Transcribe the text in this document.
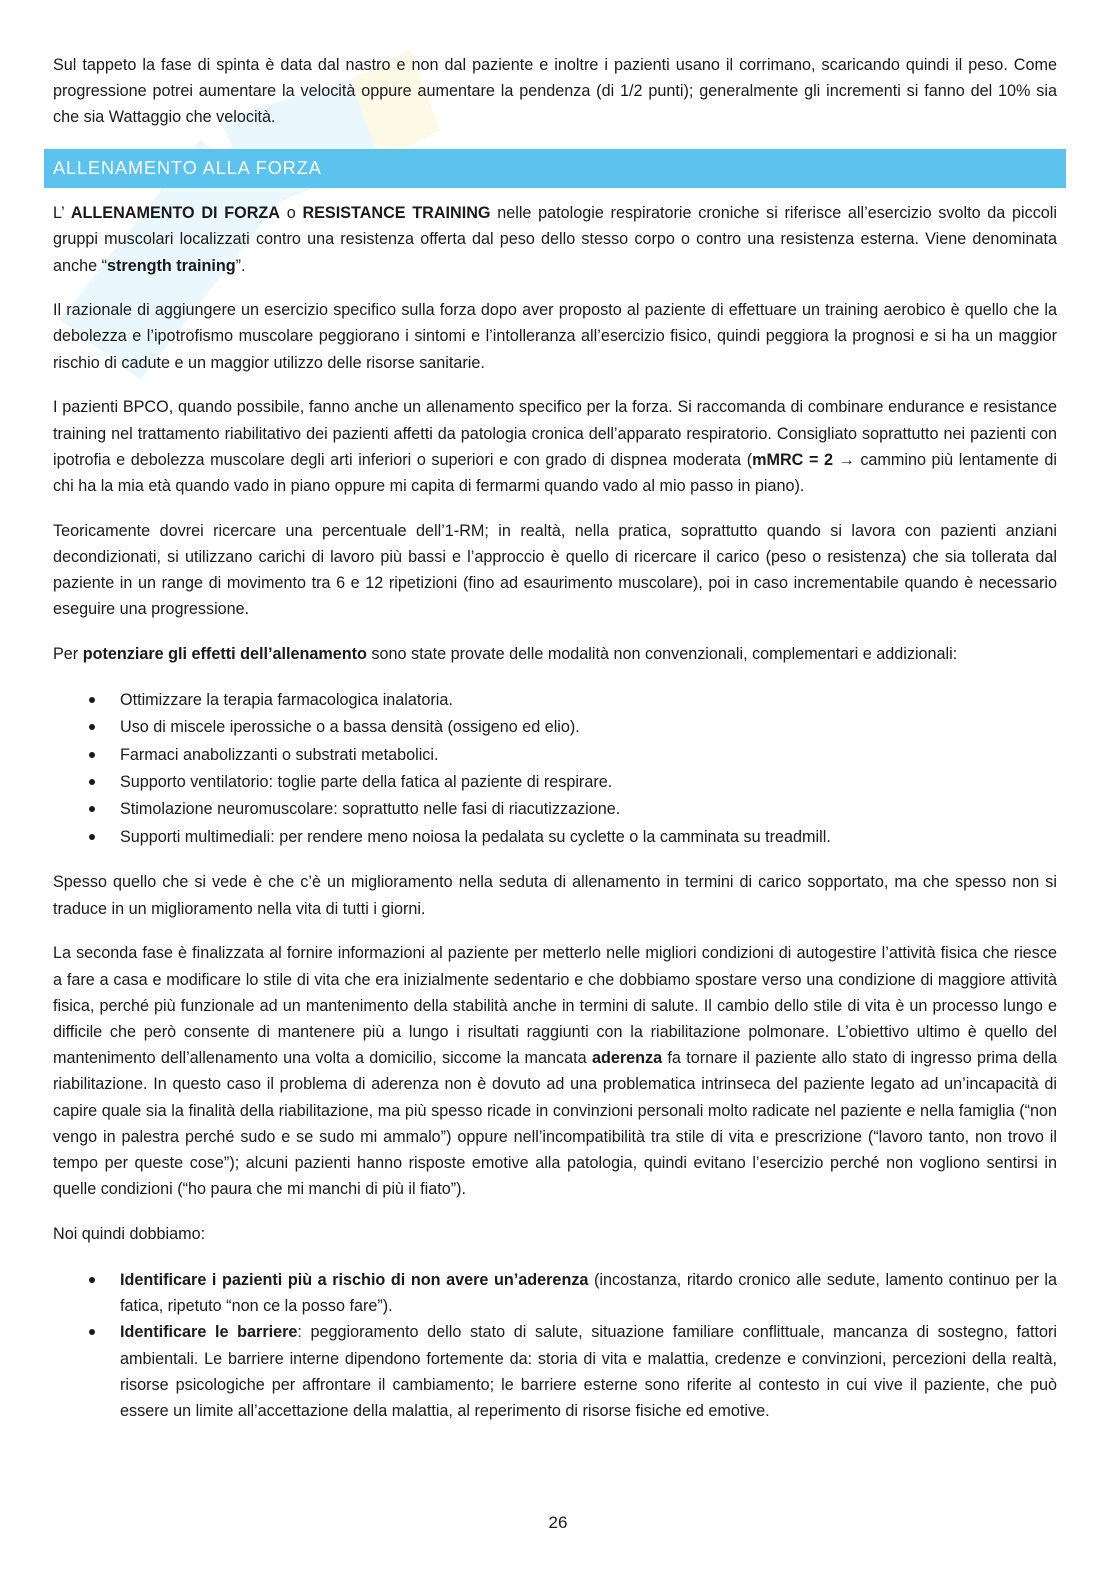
Sul tappeto la fase di spinta è data dal nastro e non dal paziente e inoltre i pazienti usano il corrimano, scaricando quindi il peso. Come progressione potrei aumentare la velocità oppure aumentare la pendenza (di 1/2 punti); generalmente gli incrementi si fanno del 10% sia che sia Wattaggio che velocità.

ALLENAMENTO ALLA FORZA

L’ ALLENAMENTO DI FORZA o RESISTANCE TRAINING nelle patologie respiratorie croniche si riferisce all’esercizio svolto da piccoli gruppi muscolari localizzati contro una resistenza offerta dal peso dello stesso corpo o contro una resistenza esterna. Viene denominata anche “strength training”.

Il razionale di aggiungere un esercizio specifico sulla forza dopo aver proposto al paziente di effettuare un training aerobico è quello che la debolezza e l’ipotrofismo muscolare peggiorano i sintomi e l’intolleranza all’esercizio fisico, quindi peggiora la prognosi e si ha un maggior rischio di cadute e un maggior utilizzo delle risorse sanitarie.

I pazienti BPCO, quando possibile, fanno anche un allenamento specifico per la forza. Si raccomanda di combinare endurance e resistance training nel trattamento riabilitativo dei pazienti affetti da patologia cronica dell’apparato respiratorio. Consigliato soprattutto nei pazienti con ipotrofia e debolezza muscolare degli arti inferiori o superiori e con grado di dispnea moderata (mMRC = 2 → cammino più lentamente di chi ha la mia età quando vado in piano oppure mi capita di fermarmi quando vado al mio passo in piano).

Teoricamente dovrei ricercare una percentuale dell’1-RM; in realtà, nella pratica, soprattutto quando si lavora con pazienti anziani decondizionati, si utilizzano carichi di lavoro più bassi e l’approccio è quello di ricercare il carico (peso o resistenza) che sia tollerata dal paziente in un range di movimento tra 6 e 12 ripetizioni (fino ad esaurimento muscolare), poi in caso incrementabile quando è necessario eseguire una progressione.

Per potenziare gli effetti dell’allenamento sono state provate delle modalità non convenzionali, complementari e addizionali:

Ottimizzare la terapia farmacologica inalatoria.
Uso di miscele iperossiche o a bassa densità (ossigeno ed elio).
Farmaci anabolizzanti o substrati metabolici.
Supporto ventilatorio: toglie parte della fatica al paziente di respirare.
Stimolazione neuromuscolare: soprattutto nelle fasi di riacutizzazione.
Supporti multimediali: per rendere meno noiosa la pedalata su cyclette o la camminata su treadmill.

Spesso quello che si vede è che c’è un miglioramento nella seduta di allenamento in termini di carico sopportato, ma che spesso non si traduce in un miglioramento nella vita di tutti i giorni.

La seconda fase è finalizzata al fornire informazioni al paziente per metterlo nelle migliori condizioni di autogestire l’attività fisica che riesce a fare a casa e modificare lo stile di vita che era inizialmente sedentario e che dobbiamo spostare verso una condizione di maggiore attività fisica, perché più funzionale ad un mantenimento della stabilità anche in termini di salute. Il cambio dello stile di vita è un processo lungo e difficile che però consente di mantenere più a lungo i risultati raggiunti con la riabilitazione polmonare. L’obiettivo ultimo è quello del mantenimento dell’allenamento una volta a domicilio, siccome la mancata aderenza fa tornare il paziente allo stato di ingresso prima della riabilitazione. In questo caso il problema di aderenza non è dovuto ad una problematica intrinseca del paziente legato ad un’incapacità di capire quale sia la finalità della riabilitazione, ma più spesso ricade in convinzioni personali molto radicate nel paziente e nella famiglia (“non vengo in palestra perché sudo e se sudo mi ammalo”) oppure nell’incompatibilità tra stile di vita e prescrizione (“lavoro tanto, non trovo il tempo per queste cose”); alcuni pazienti hanno risposte emotive alla patologia, quindi evitano l’esercizio perché non vogliono sentirsi in quelle condizioni (“ho paura che mi manchi di più il fiato”).

Noi quindi dobbiamo:

Identificare i pazienti più a rischio di non avere un’aderenza (incostanza, ritardo cronico alle sedute, lamento continuo per la fatica, ripetuto “non ce la posso fare”).
Identificare le barriere: peggioramento dello stato di salute, situazione familiare conflittuale, mancanza di sostegno, fattori ambientali. Le barriere interne dipendono fortemente da: storia di vita e malattia, credenze e convinzioni, percezioni della realtà, risorse psicologiche per affrontare il cambiamento; le barriere esterne sono riferite al contesto in cui vive il paziente, che può essere un limite all’accettazione della malattia, al reperimento di risorse fisiche ed emotive.
26
